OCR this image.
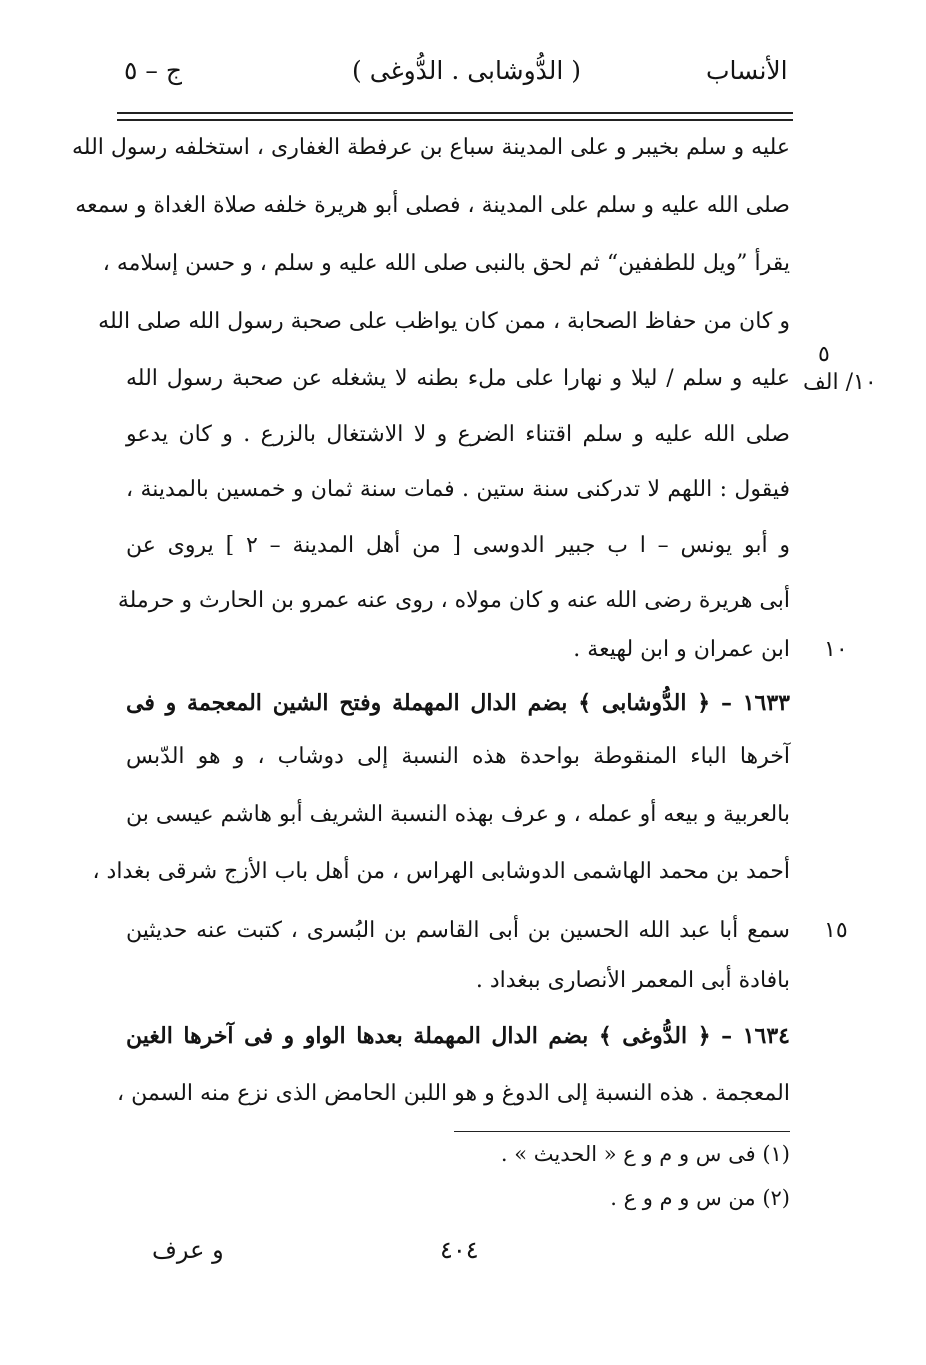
الأنساب
( الدُّوشابى . الدُّوغى )
ج – ٥
عليه و سلم بخيبر و على المدينة سباع بن عرفطة الغفارى ، استخلفه رسول الله
صلى الله عليه و سلم على المدينة ، فصلى أبو هريرة خلفه صلاة الغداة و سمعه
يقرأ ”ويل للطففين“ ثم لحق بالنبى صلى الله عليه و سلم ، و حسن إسلامه ،
و كان من حفاظ الصحابة ، ممن كان يواظب على صحبة رسول الله صلى الله
عليه و سلم / ليلا و نهارا على ملء بطنه لا يشغله عن صحبة رسول الله
صلى الله عليه و سلم اقتناء الضرع و لا الاشتغال بالزرع . و كان يدعو
فيقول : اللهم لا تدركنى سنة ستين . فمات سنة ثمان و خمسين بالمدينة ،
و أبو يونس – ا ب جبير الدوسى [ من أهل المدينة – ٢ ] يروى عن
أبى هريرة رضى الله عنه و كان مولاه ، روى عنه عمرو بن الحارث و حرملة
ابن عمران و ابن لهيعة .
١٦٣٣ – ﴿ الدُّوشابى ﴾ بضم الدال المهملة وفتح الشين المعجمة و فى
آخرها الباء المنقوطة بواحدة هذه النسبة إلى دوشاب ، و هو الدّبس
بالعربية و بيعه أو عمله ، و عرف بهذه النسبة الشريف أبو هاشم عيسى بن
أحمد بن محمد الهاشمى الدوشابى الهراس ، من أهل باب الأزج شرقى بغداد ،
سمع أبا عبد الله الحسين بن أبى القاسم بن البُسرى ، كتبت عنه حديثين
بافادة أبى المعمر الأنصارى ببغداد .
١٦٣٤ – ﴿ الدُّوغى ﴾ بضم الدال المهملة بعدها الواو و فى آخرها الغين
المعجمة . هذه النسبة إلى الدوغ و هو اللبن الحامض الذى نزع منه السمن ،
٥
١٠/ الف
١٠
١٥
(١) فى س و م و ع « الحديث » .
(٢) من س و م و ع .
٤٠٤
و عرف
